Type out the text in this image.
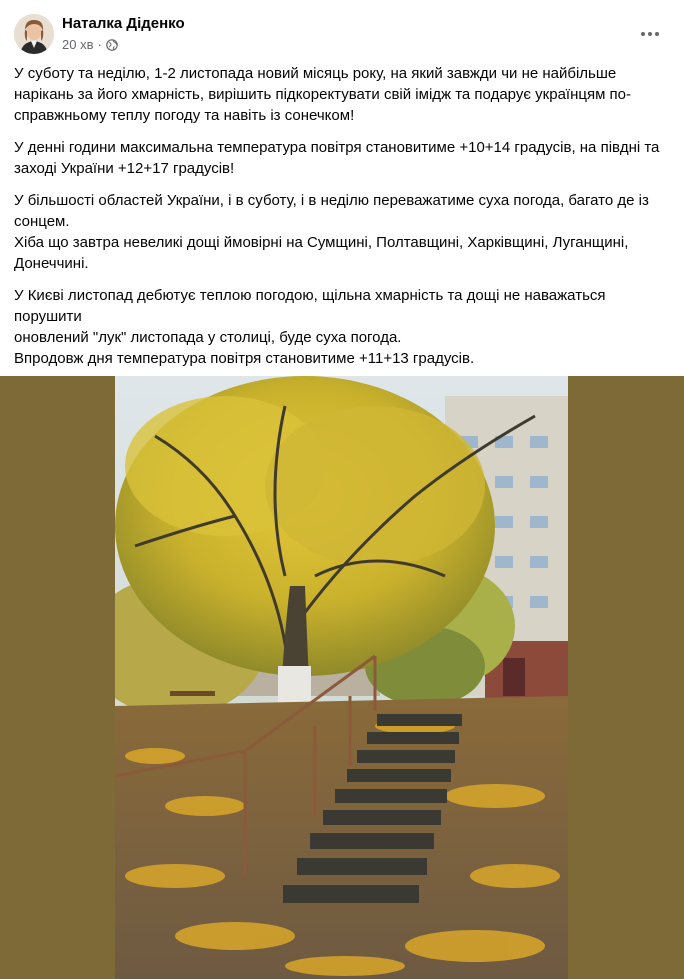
Наталка Діденко
20 хв ·

У суботу та неділю, 1-2 листопада новий місяць року, на який завжди чи не найбільше
нарікань за його хмарність, вирішить підкоректувати свій імідж та подарує українцям по-
справжньому теплу погоду та навіть із сонечком!

У денні години максимальна температура повітря становитиме +10+14 градусів, на півдні та
заході України +12+17 градусів!

У більшості областей України, і в суботу, і в неділю переважатиме суха погода, багато де із
сонцем.
Хіба що завтра невеликі дощі ймовірні на Сумщині, Полтавщині, Харківщині, Луганщині,
Донеччині.

У Києві листопад дебютує теплою погодою, щільна хмарність та дощі не наважаться порушити
оновлений "лук" листопада у столиці, буде суха погода.
Впродовж дня температура повітря становитиме +11+13 градусів.
